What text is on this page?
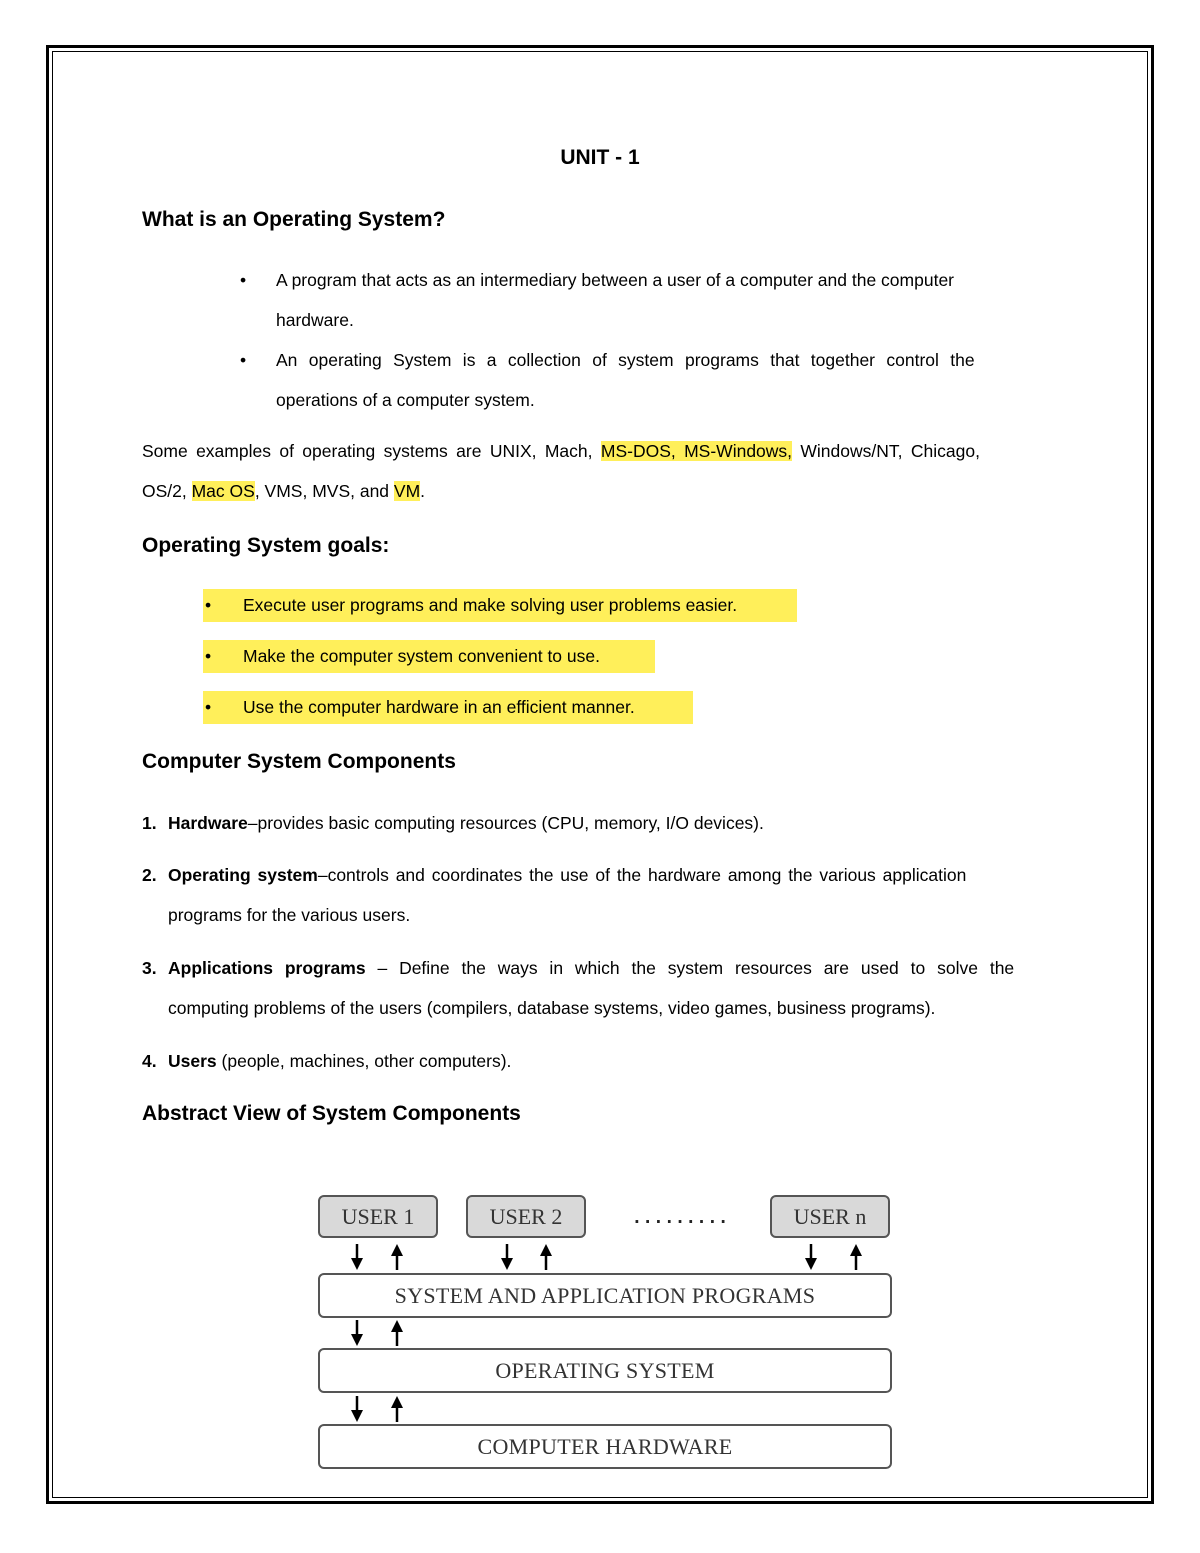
UNIT - 1
What is an Operating System?
• A program that acts as an intermediary between a user of a computer and the computer
hardware.
• An operating System is a collection of system programs that together control the
operations of a computer system.
Some examples of operating systems are UNIX, Mach, MS-DOS, MS-Windows, Windows/NT, Chicago,
OS/2, Mac OS, VMS, MVS, and VM.
Operating System goals:
• Execute user programs and make solving user problems easier.
• Make the computer system convenient to use.
• Use the computer hardware in an efficient manner.
Computer System Components
1. Hardware–provides basic computing resources (CPU, memory, I/O devices).
2. Operating system–controls and coordinates the use of the hardware among the various application
programs for the various users.
3. Applications programs – Define the ways in which the system resources are used to solve the
computing problems of the users (compilers, database systems, video games, business programs).
4. Users (people, machines, other computers).
Abstract View of System Components
USER 1	USER 2	.........	USER n
SYSTEM AND APPLICATION PROGRAMS
OPERATING SYSTEM
COMPUTER HARDWARE
